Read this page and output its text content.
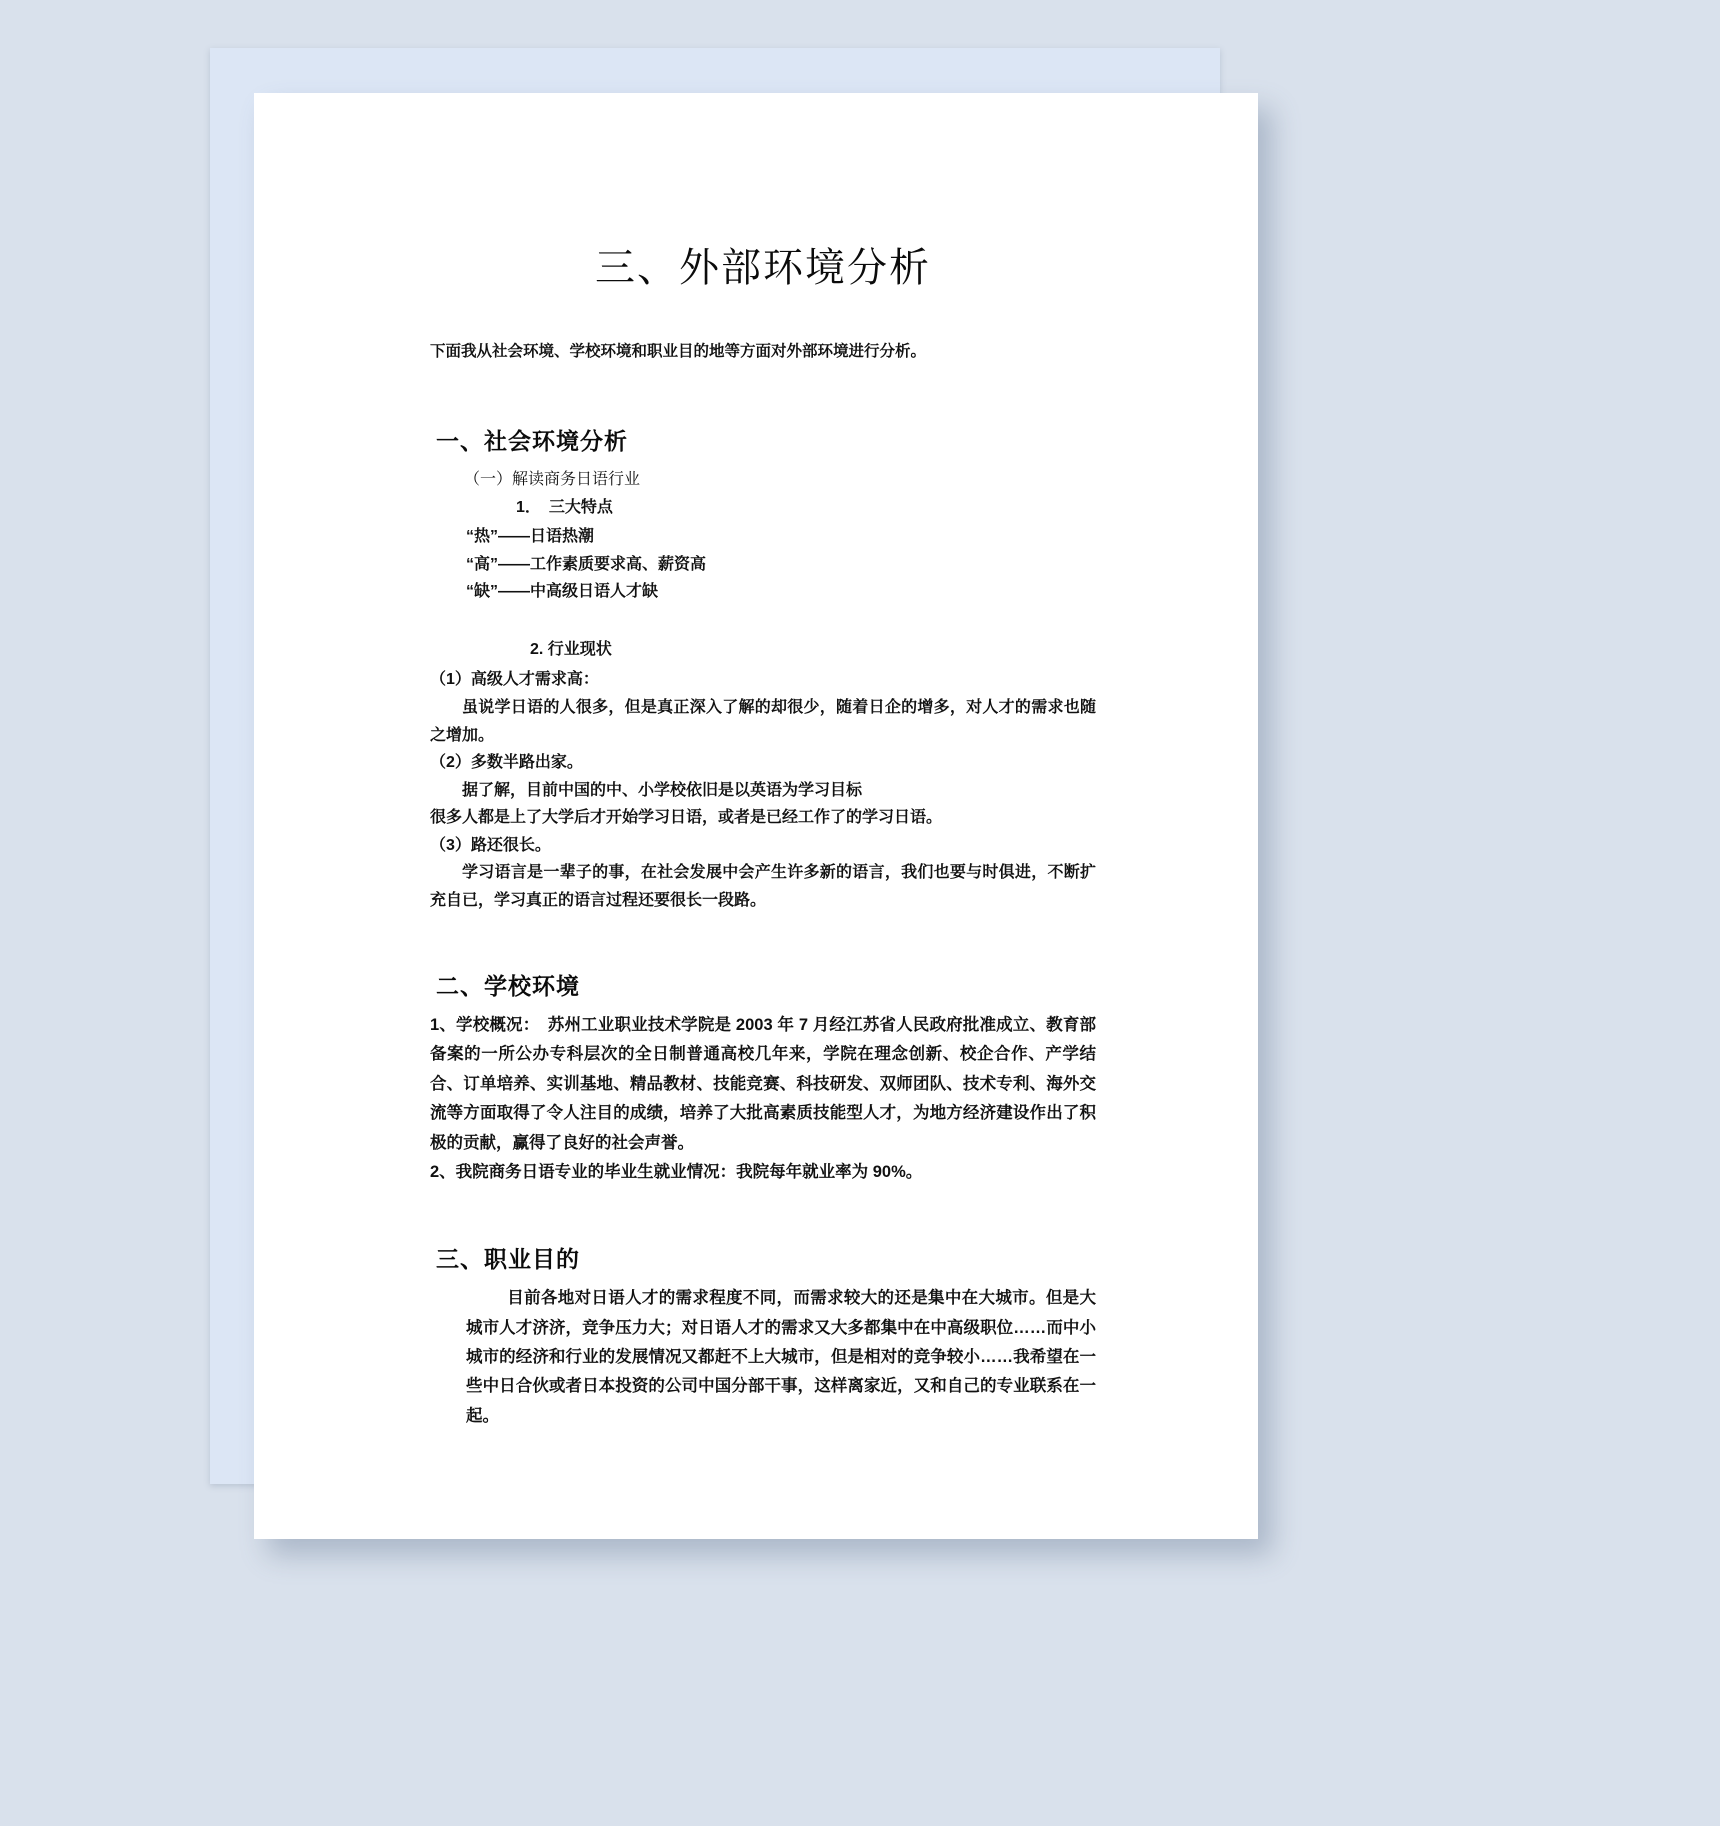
三、外部环境分析

下面我从社会环境、学校环境和职业目的地等方面对外部环境进行分析。

一、社会环境分析

（一）解读商务日语行业

1．　三大特点

“热”——日语热潮

“高”——工作素质要求高、薪资高

“缺”——中高级日语人才缺

2. 行业现状

（1）高级人才需求高：

虽说学日语的人很多，但是真正深入了解的却很少，随着日企的增多，对人才的需求也随之增加。

（2）多数半路出家。

据了解，目前中国的中、小学校依旧是以英语为学习目标

很多人都是上了大学后才开始学习日语，或者是已经工作了的学习日语。

（3）路还很长。

学习语言是一辈子的事，在社会发展中会产生许多新的语言，我们也要与时俱进，不断扩充自已，学习真正的语言过程还要很长一段路。

二、学校环境

1、学校概况：　苏州工业职业技术学院是 2003 年 7 月经江苏省人民政府批准成立、教育部备案的一所公办专科层次的全日制普通高校几年来，学院在理念创新、校企合作、产学结合、订单培养、实训基地、精品教材、技能竞赛、科技研发、双师团队、技术专利、海外交流等方面取得了令人注目的成绩，培养了大批高素质技能型人才，为地方经济建设作出了积极的贡献，赢得了良好的社会声誉。

2、我院商务日语专业的毕业生就业情况：我院每年就业率为 90%。

三、职业目的

目前各地对日语人才的需求程度不同，而需求较大的还是集中在大城市。但是大城市人才济济，竞争压力大；对日语人才的需求又大多都集中在中高级职位……而中小城市的经济和行业的发展情况又都赶不上大城市，但是相对的竞争较小……我希望在一些中日合伙或者日本投资的公司中国分部干事，这样离家近，又和自己的专业联系在一起。
